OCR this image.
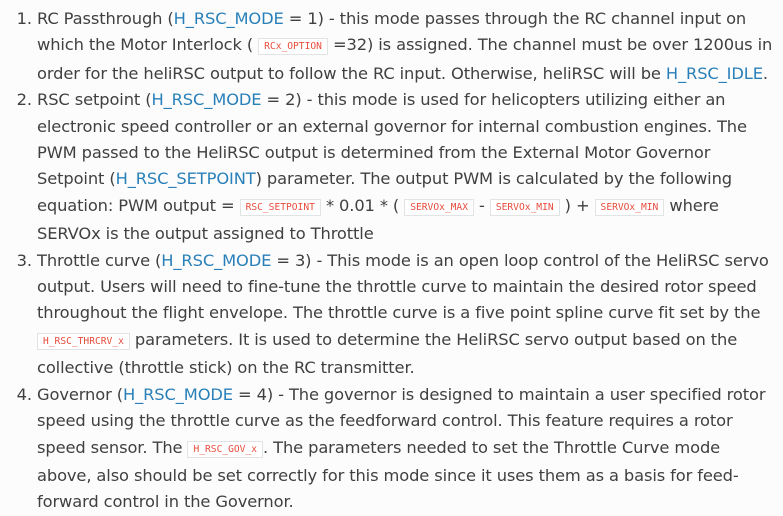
1. RC Passthrough (H_RSC_MODE = 1) - this mode passes through the RC channel input on which the Motor Interlock ( RCx_OPTION =32) is assigned. The channel must be over 1200us in order for the heliRSC output to follow the RC input. Otherwise, heliRSC will be H_RSC_IDLE.
2. RSC setpoint (H_RSC_MODE = 2) - this mode is used for helicopters utilizing either an electronic speed controller or an external governor for internal combustion engines. The PWM passed to the HeliRSC output is determined from the External Motor Governor Setpoint (H_RSC_SETPOINT) parameter. The output PWM is calculated by the following equation: PWM output = RSC_SETPOINT * 0.01 * ( SERVOx_MAX - SERVOx_MIN ) + SERVOx_MIN where SERVOx is the output assigned to Throttle
3. Throttle curve (H_RSC_MODE = 3) - This mode is an open loop control of the HeliRSC servo output. Users will need to fine-tune the throttle curve to maintain the desired rotor speed throughout the flight envelope. The throttle curve is a five point spline curve fit set by the H_RSC_THRCRV_x parameters. It is used to determine the HeliRSC servo output based on the collective (throttle stick) on the RC transmitter.
4. Governor (H_RSC_MODE = 4) - The governor is designed to maintain a user specified rotor speed using the throttle curve as the feedforward control. This feature requires a rotor speed sensor. The H_RSC_GOV_x . The parameters needed to set the Throttle Curve mode above, also should be set correctly for this mode since it uses them as a basis for feed-forward control in the Governor.
